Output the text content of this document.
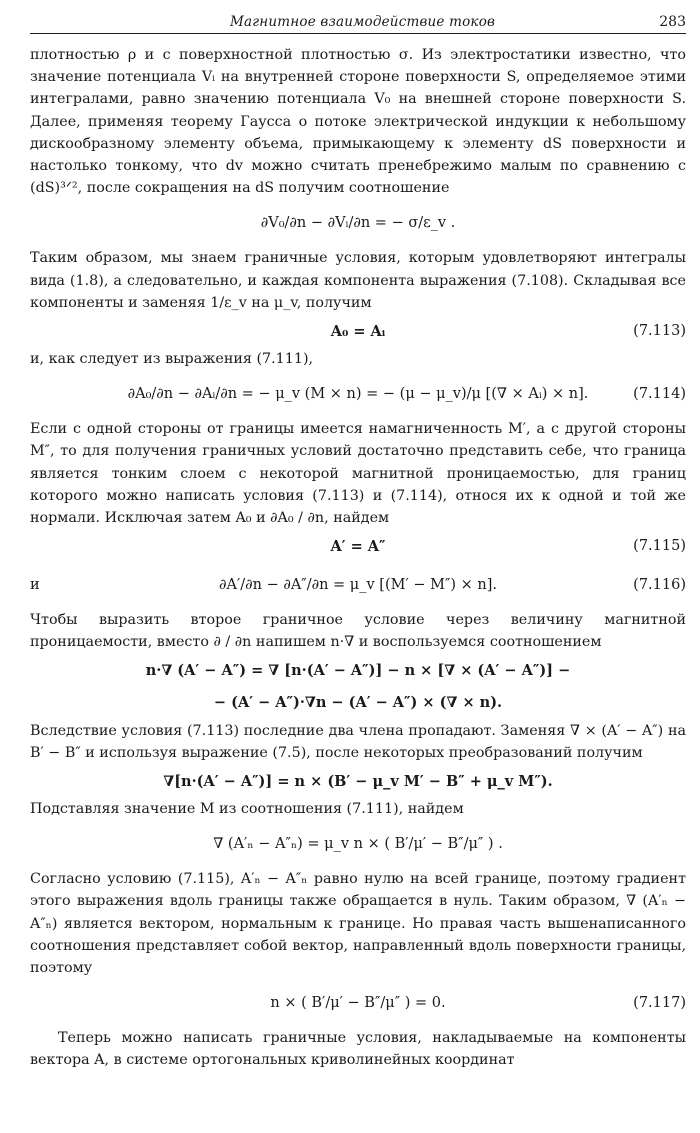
Магнитное взаимодействие токов	283

плотностью ρ и с поверхностной плотностью σ. Из электростатики известно, что значение потенциала Vᵢ на внутренней стороне поверхности S, определяемое этими интегралами, равно значению потенциала V₀ на внешней стороне поверхности S. Далее, применяя теорему Гаусса о потоке электрической индукции к небольшому дискообразному элементу объема, примыкающему к элементу dS поверхности и настолько тонкому, что dv можно считать пренебрежимо малым по сравнению с (dS)³ᐟ², после сокращения на dS получим соотношение

∂V₀/∂n − ∂Vᵢ/∂n = − σ/ε_v .

Таким образом, мы знаем граничные условия, которым удовлетворяют интегралы вида (1.8), а следовательно, и каждая компонента выражения (7.108). Складывая все компоненты и заменяя 1/ε_v на μ_v, получим

A₀ = Aᵢ	(7.113)

и, как следует из выражения (7.111),

∂A₀/∂n − ∂Aᵢ/∂n = − μ_v (M × n) = − (μ − μ_v)/μ [(∇ × Aᵢ) × n].	(7.114)

Если с одной стороны от границы имеется намагниченность M′, а с другой стороны M″, то для получения граничных условий достаточно представить себе, что граница является тонким слоем с некоторой магнитной проницаемостью, для границ которого можно написать условия (7.113) и (7.114), относя их к одной и той же нормали. Исключая затем A₀ и ∂A₀ / ∂n, найдем

A′ = A″	(7.115)
и	∂A′/∂n − ∂A″/∂n = μ_v [(M′ − M″) × n].	(7.116)

Чтобы выразить второе граничное условие через величину магнитной проницаемости, вместо ∂ / ∂n напишем n·∇ и воспользуемся соотношением

n·∇ (A′ − A″) = ∇ [n·(A′ − A″)] − n × [∇ × (A′ − A″)] −
− (A′ − A″)·∇n − (A′ − A″) × (∇ × n).

Вследствие условия (7.113) последние два члена пропадают. Заменяя ∇ × (A′ − A″) на B′ − B″ и используя выражение (7.5), после некоторых преобразований получим

∇[n·(A′ − A″)] = n × (B′ − μ_v M′ − B″ + μ_v M″).

Подставляя значение M из соотношения (7.111), найдем

∇ (A′ₙ − A″ₙ) = μ_v n × ( B′/μ′ − B″/μ″ ) .

Согласно условию (7.115), A′ₙ − A″ₙ равно нулю на всей границе, поэтому градиент этого выражения вдоль границы также обращается в нуль. Таким образом, ∇ (A′ₙ − A″ₙ) является вектором, нормальным к границе. Но правая часть вышенаписанного соотношения представляет собой вектор, направленный вдоль поверхности границы, поэтому

n × ( B′/μ′ − B″/μ″ ) = 0.	(7.117)

Теперь можно написать граничные условия, накладываемые на компоненты вектора A, в системе ортогональных криволинейных координат
